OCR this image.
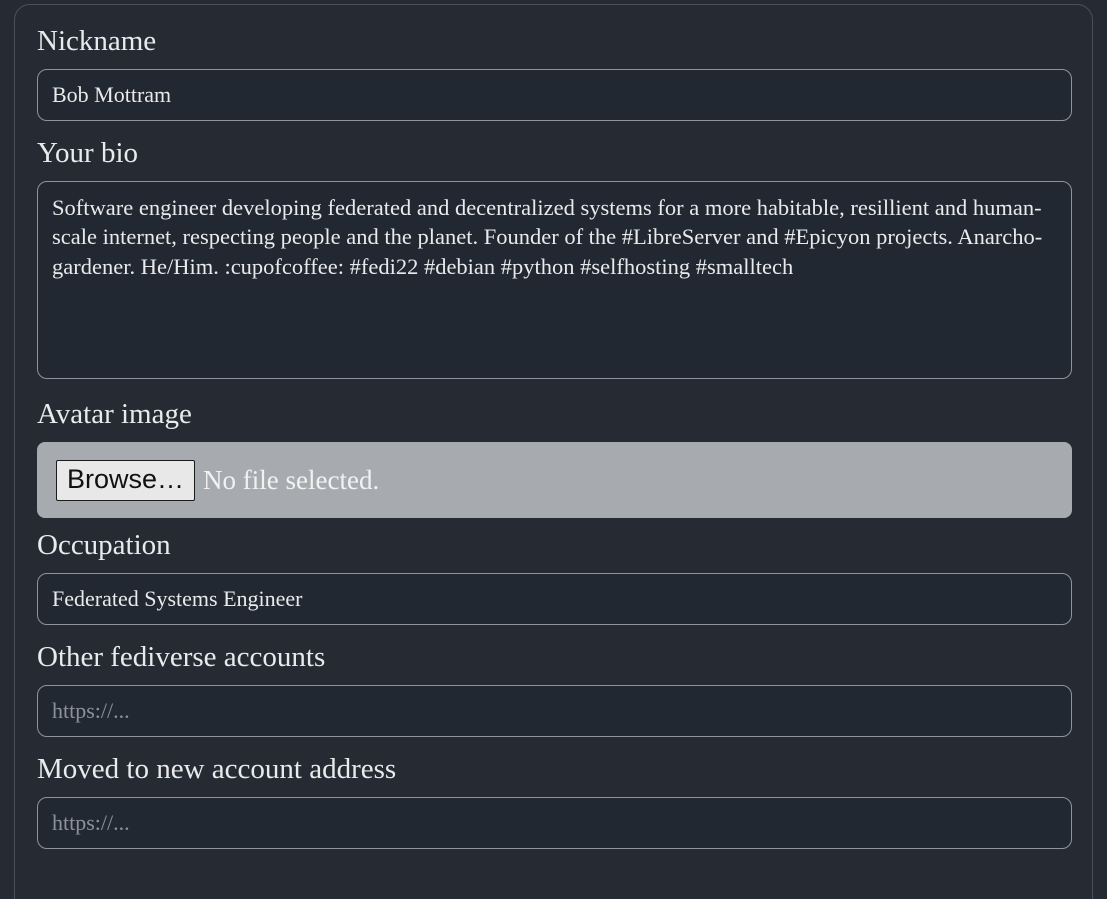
Nickname
Bob Mottram
Your bio
Software engineer developing federated and decentralized systems for a more habitable, resillient and human-scale internet, respecting people and the planet. Founder of the #LibreServer and #Epicyon projects. Anarcho-gardener. He/Him. :cupofcoffee: #fedi22 #debian #python #selfhosting #smalltech
Avatar image
Browse… No file selected.
Occupation
Federated Systems Engineer
Other fediverse accounts
https://...
Moved to new account address
https://...
